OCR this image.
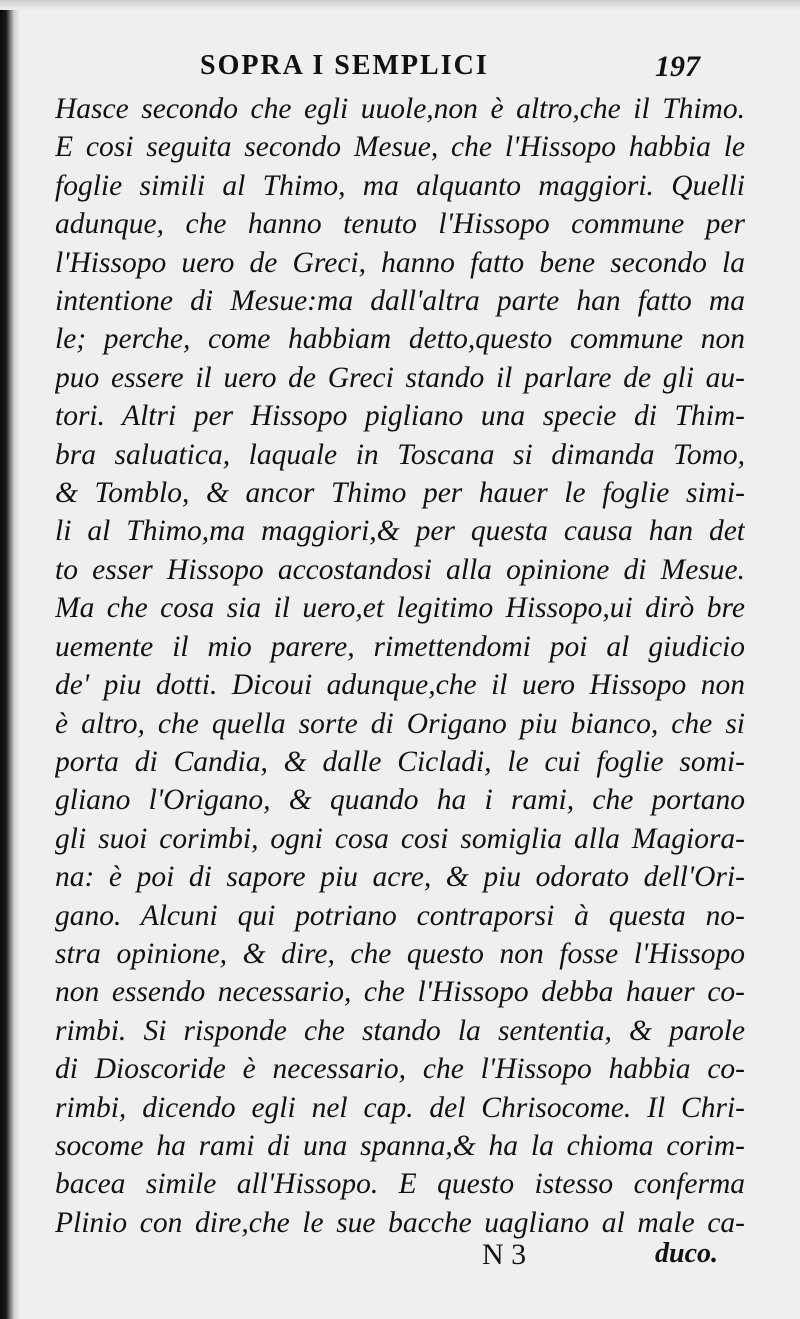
SOPRA I SEMPLICI	197
Hasce secondo che egli uuole,non è altro,che il Thimo.
E cosi seguita secondo Mesue, che l'Hissopo habbia le
foglie simili al Thimo, ma alquanto maggiori. Quelli
adunque, che hanno tenuto l'Hissopo commune per
l'Hissopo uero de Greci, hanno fatto bene secondo la
intentione di Mesue:ma dall'altra parte han fatto ma
le; perche, come habbiam detto,questo commune non
puo essere il uero de Greci stando il parlare de gli au-
tori. Altri per Hissopo pigliano una specie di Thim-
bra saluatica, laquale in Toscana si dimanda Tomo,
& Tomblo, & ancor Thimo per hauer le foglie simi-
li al Thimo,ma maggiori,& per questa causa han det
to esser Hissopo accostandosi alla opinione di Mesue.
Ma che cosa sia il uero,et legitimo Hissopo,ui dirò bre
uemente il mio parere, rimettendomi poi al giudicio
de' piu dotti. Dicoui adunque,che il uero Hissopo non
è altro, che quella sorte di Origano piu bianco, che si
porta di Candia, & dalle Cicladi, le cui foglie somi-
gliano l'Origano, & quando ha i rami, che portano
gli suoi corimbi, ogni cosa cosi somiglia alla Magiora-
na: è poi di sapore piu acre, & piu odorato dell'Ori-
gano. Alcuni qui potriano contraporsi à questa no-
stra opinione, & dire, che questo non fosse l'Hissopo
non essendo necessario, che l'Hissopo debba hauer co-
rimbi. Si risponde che stando la sententia, & parole
di Dioscoride è necessario, che l'Hissopo habbia co-
rimbi, dicendo egli nel cap. del Chrisocome. Il Chri-
socome ha rami di una spanna,& ha la chioma corim-
bacea simile all'Hissopo. E questo istesso conferma
Plinio con dire,che le sue bacche uagliano al male ca-
N 3	duco.
